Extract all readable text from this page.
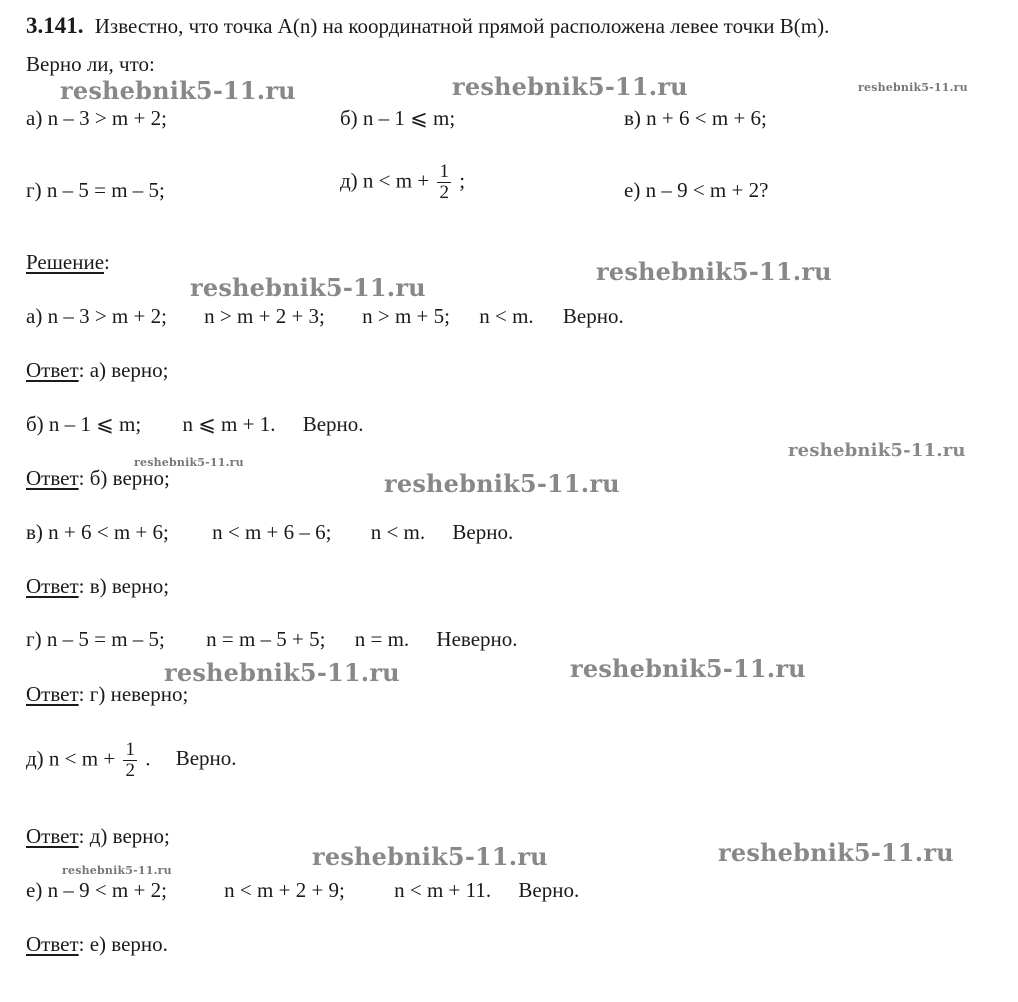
3.141. Известно, что точка A(n) на координатной прямой расположена левее точки B(m).
Верно ли, что:
а) n – 3 > m + 2;	б) n – 1 ⩽ m;	в) n + 6 < m + 6;
г) n – 5 = m – 5;	д) $n < m + \frac{1}{2}$ ;	е) n – 9 < m + 2?
Решение:
а) n – 3 > m + 2; n > m + 2 + 3; n > m + 5; n < m. Верно.
Ответ: а) верно;
б) n – 1 ⩽ m; n ⩽ m + 1. Верно.
Ответ: б) верно;
в) n + 6 < m + 6; n < m + 6 – 6; n < m. Верно.
Ответ: в) верно;
г) n – 5 = m – 5; n = m – 5 + 5; n = m. Неверно.
Ответ: г) неверно;
д) $n < m + \frac{1}{2}$ . Верно.
Ответ: д) верно;
е) n – 9 < m + 2;	n < m + 2 + 9; n < m + 11. Верно.
Ответ: е) верно.
reshebnik5-11.ru	reshebnik5-11.ru	reshebnik5-11.ru
reshebnik5-11.ru
reshebnik5-11.ru
reshebnik5-11.ru
reshebnik5-11.ru
reshebnik5-11.ru
reshebnik5-11.ru	reshebnik5-11.ru
reshebnik5-11.ru	reshebnik5-11.ru
reshebnik5-11.ru
